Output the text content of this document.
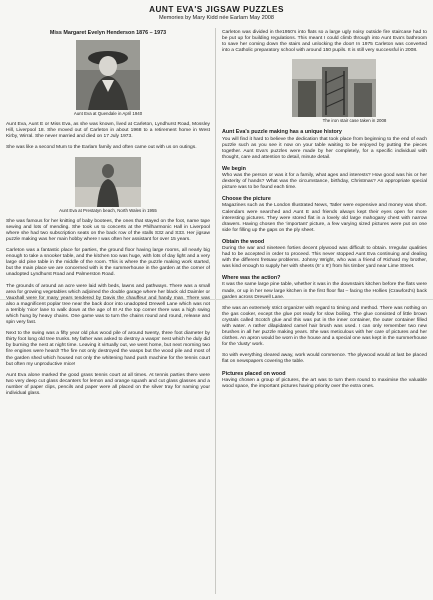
AUNT EVA'S JIGSAW PUZZLES
Memories by Mary Kidd née Earlam May 2008
Miss Margaret Evelyn Henderson 1876 – 1973
Aunt Eva at Quendale in April 1940

Aunt Eva, Aunt E or Miss Eva, as she was known, lived at Carleton, Lyndhurst Road, Mossley Hill, Liverpool 18. She moved out of Carleton in about 1968 to a retirement home in West Kirby, Wirral. She never married and died on 17 July 1973.

She was like a second Mum to the Earlam family and often came out with us on outings.

Aunt Eva at Prestatyn beach, North Wales in 1955

She was famous for her knitting of baby bootees, the ones that stayed on the foot, name tape sewing and lots of mending. She took us to concerts at the Philharmonic Hall in Liverpool where she had two subscription seats on the back row of the stalls S32 and S33. Her jigsaw puzzle making was her main hobby where I was often her assistant for over 15 years.

Carleton was a fantastic place for parties, the ground floor having large rooms, all nearly big enough to take a snooker table, and the kitchen too was huge, with lots of day light and a very large old pine table in the middle of the room. This is where the puzzle making work started, but the main place we are concerned with is the summerhouse in the garden at the corner of unadopted Lyndhurst Road and Palmerston Road.

The grounds of around an acre were laid with beds, lawns and pathways. There was a small area for growing vegetables which adjoined the double garage where her black old Daimler or Vauxhall were for many years tendered by Davis the chauffeur and handy man. There was also a magnificent poplar tree near the back door into unadopted Drewell Lane which was not a terribly 'nice' lane to walk down at the age of 8! At the top corner there was a high swing which hung by heavy chains. One game was to turn the chains round and round, release and spin very fast.

Next to the swing was a fifty year old plus wood pile of around twenty, three foot diameter by thirty foot long old tree trunks. My father was asked to destroy a wasps' nest which he duly did by burning the nest at night time. Leaving it virtually out, we went home, but next morning two fire engines were heard! The fire not only destroyed the wasps but the wood pile and most of the garden shed which housed not only the whitening hand push machine for the tennis court but often my unproductive mice!

Aunt Eva alone marked the good grass tennis court at all times. At tennis parties there were two very deep cut glass decanters for lemon and orange squash and cut glass glasses and a number of paper clips, pencils and paper were all placed on the silver tray for naming your individual glass.

Carleton was divided in the1950's into flats so a large ugly noisy outside fire staircase had to be put up for building regulations. This meant I could climb through into Aunt Eva's bathroom to save her coming down the stairs and unlocking the door! In 1975 Carleton was converted into a Catholic preparatory school with around 150 pupils. It is still very successful in 2008.

The iron stair case taken in 2008
Aunt Eva's puzzle making has a unique history

You will find it hard to believe the dedication that took place from beginning to the end of each puzzle such as you see it now on your table waiting to be enjoyed by putting the pieces together. Aunt Eva's puzzles were made by her completely, for a specific individual with thought, care and attention to detail, minute detail.

We begin

Who was the person or was it for a family, what ages and interests? How good was his or her dexterity of hands? What was the circumstance, birthday, Christmas? An appropriate special picture was to be found each time.

Choose the picture

Magazines such as the London Illustrated News, Tatler were expensive and money was short. Calendars were searched and Aunt E and friends always kept their eyes open for more interesting pictures. They were stored flat in a lovely old large mahogany chest with narrow drawers. Having chosen the 'important' picture, a few varying sized pictures were put on one side for filling up the gaps on the ply sheet.

Obtain the wood

During the war and nineteen forties decent plywood was difficult to obtain. Irregular qualities had to be accepted in order to proceed. This never stopped Aunt Eva continuing and dealing with the different fretsaw problems. Johnny Wright, who was a friend of Richard my brother, was kind enough to supply her with sheets (6' x 6') from his timber yard near Lime Street.

Where was the action?

It was the same large pine table, whether it was in the downstairs kitchen before the flats were made, or up in her new large kitchen in the first floor flat – facing the Hollies (Crawford's) back garden across Drewell Lane.

She was an extremely strict organizer with regard to timing and method. There was nothing on the gas cooker, except the glue pot ready for slow boiling. The glue consisted of little brown crystals called Scotch glue and this was put in the inner container, the outer container filled with water. A rather dilapidated camel hair brush was used. I can only remember two new brushes in all her puzzle making years. She was meticulous with her care of pictures and her clothes. An apron would be worn in the house and a special one was kept in the summerhouse for the 'dusty' work.

So with everything cleared away, work would commence. The plywood would at last be placed flat on newspapers covering the table.

Pictures placed on wood

Having chosen a group of pictures, the art was to turn them round to maximise the valuable wood space, the important pictures having priority over the extra ones.
